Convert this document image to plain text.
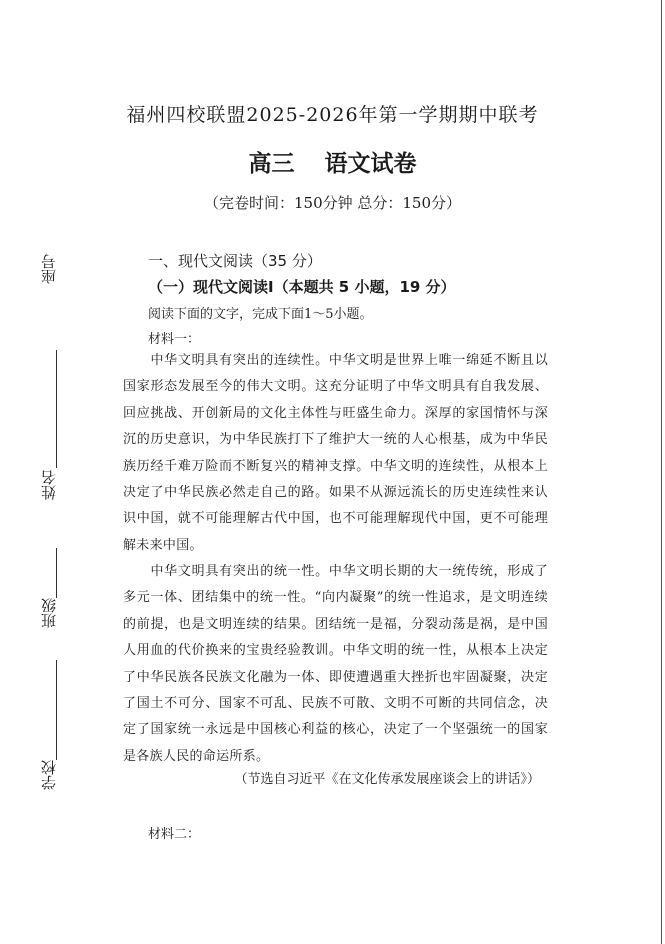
座号
姓名
班级
学校
福州四校联盟2025-2026年第一学期期中联考
高三 语文试卷
（完卷时间：150分钟 总分：150分）
一、现代文阅读（35 分）
（一）现代文阅读Ⅰ（本题共 5 小题，19 分）
阅读下面的文字，完成下面1～5小题。
材料一：
　　中华文明具有突出的连续性。中华文明是世界上唯一绵延不断且以国家形态发展至今的伟大文明。这充分证明了中华文明具有自我发展、回应挑战、开创新局的文化主体性与旺盛生命力。深厚的家国情怀与深沉的历史意识，为中华民族打下了维护大一统的人心根基，成为中华民族历经千难万险而不断复兴的精神支撑。中华文明的连续性，从根本上决定了中华民族必然走自己的路。如果不从源远流长的历史连续性来认识中国，就不可能理解古代中国，也不可能理解现代中国，更不可能理解未来中国。
　　中华文明具有突出的统一性。中华文明长期的大一统传统，形成了多元一体、团结集中的统一性。“向内凝聚”的统一性追求，是文明连续的前提，也是文明连续的结果。团结统一是福，分裂动荡是祸，是中国人用血的代价换来的宝贵经验教训。中华文明的统一性，从根本上决定了中华民族各民族文化融为一体、即使遭遇重大挫折也牢固凝聚，决定了国土不可分、国家不可乱、民族不可散、文明不可断的共同信念，决定了国家统一永远是中国核心利益的核心，决定了一个坚强统一的国家是各族人民的命运所系。
（节选自习近平《在文化传承发展座谈会上的讲话》）
材料二：
